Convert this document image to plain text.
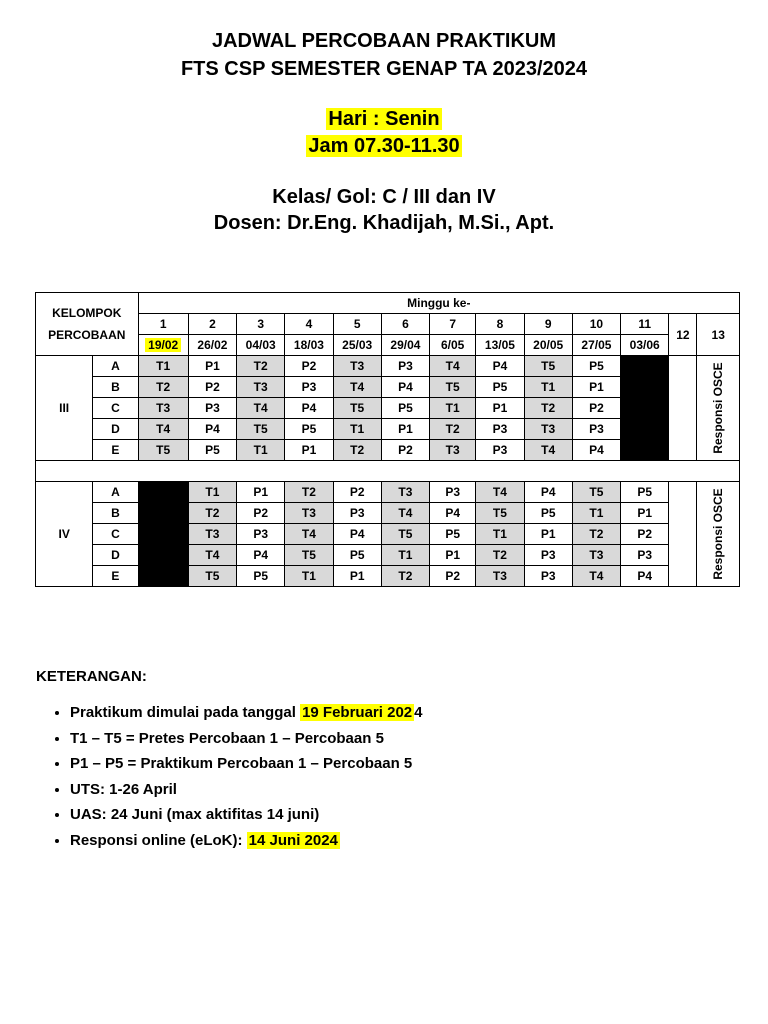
JADWAL PERCOBAAN PRAKTIKUM
FTS CSP SEMESTER GENAP TA 2023/2024
Hari : Senin
Jam 07.30-11.30
Kelas/ Gol: C / III dan IV
Dosen: Dr.Eng. Khadijah, M.Si., Apt.
KELOMPOK PERCOBAAN		Minggu ke-												
		1	2	3	4	5	6	7	8	9	10	11	12	13
		19/02	26/02	04/03	18/03	25/03	29/04	6/05	13/05	20/05	27/05	03/06		
III	A	T1	P1	T2	P2	T3	P3	T4	P4	T5	P5			Responsi OSCE

	B	T2	P2	T3	P3	T4	P4	T5	P5	T1	P1			
	C	T3	P3	T4	P4	T5	P5	T1	P1	T2	P2			
	D	T4	P4	T5	P5	T1	P1	T2	P3	T3	P3			
	E	T5	P5	T1	P1	T2	P2	T3	P3	T4	P4			

IV	A		T1	P1	T2	P2	T3	P3	T4	P4	T5	P5		Responsi OSCE

	B		T2	P2	T3	P3	T4	P4	T5	P5	T1	P1		
	C		T3	P3	T4	P4	T5	P5	T1	P1	T2	P2		
	D		T4	P4	T5	P5	T1	P1	T2	P3	T3	P3		
	E		T5	P5	T1	P1	T2	P2	T3	P3	T4	P4		
KETERANGAN:
• Praktikum dimulai pada tanggal 19 Februari 202 4
• T1 – T5 = Pretes Percobaan 1 – Percobaan 5
• P1 – P5 = Praktikum Percobaan 1 – Percobaan 5
• UTS: 1-26 April
• UAS: 24 Juni (max aktifitas 14 juni)
• Responsi online (eLoK): 14 Juni 2024
